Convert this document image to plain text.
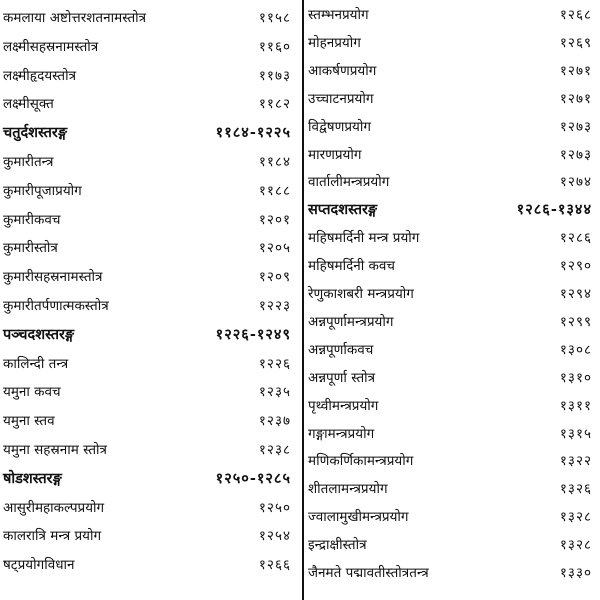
कमलाया अष्टोत्तरशतनामस्तोत्र	११५८
लक्ष्मीसहस्रनामस्तोत्र	११६०
लक्ष्मीहृदयस्तोत्र	११७३
लक्ष्मीसूक्त	११८२
चतुर्दशस्तरङ्ग	११८४-१२२५
कुमारीतन्त्र	११८४
कुमारीपूजाप्रयोग	११८८
कुमारीकवच	१२०१
कुमारीस्तोत्र	१२०५
कुमारीसहस्रनामस्तोत्र	१२०९
कुमारीतर्पणात्मकस्तोत्र	१२२३
पञ्चदशस्तरङ्ग	१२२६-१२४९
कालिन्दी तन्त्र	१२२६
यमुना कवच	१२३५
यमुना स्तव	१२३७
यमुना सहस्रनाम स्तोत्र	१२३८
षोडशस्तरङ्ग	१२५०-१२८५
आसुरीमहाकल्पप्रयोग	१२५०
कालरात्रि मन्त्र प्रयोग	१२५४
षट्प्रयोगविधान	१२६६
स्तम्भनप्रयोग	१२६८
मोहनप्रयोग	१२६९
आकर्षणप्रयोग	१२७१
उच्चाटनप्रयोग	१२७१
विद्वेषणप्रयोग	१२७३
मारणप्रयोग	१२७३
वार्तालीमन्त्रप्रयोग	१२७४
सप्तदशस्तरङ्ग	१२८६-१३४४
महिषमर्दिनी मन्त्र प्रयोग	१२८६
महिषमर्दिनी कवच	१२९०
रेणुकाशबरी मन्त्रप्रयोग	१२९४
अन्नपूर्णामन्त्रप्रयोग	१२९९
अन्नपूर्णाकवच	१३०८
अन्नपूर्णा स्तोत्र	१३१०
पृथ्वीमन्त्रप्रयोग	१३११
गङ्गामन्त्रप्रयोग	१३१५
मणिकर्णिकामन्त्रप्रयोग	१३२२
शीतलामन्त्रप्रयोग	१३२६
ज्वालामुखीमन्त्रप्रयोग	१३२८
इन्द्राक्षीस्तोत्र	१३२८
जैनमते पद्मावतीस्तोत्रतन्त्र	१३३०
